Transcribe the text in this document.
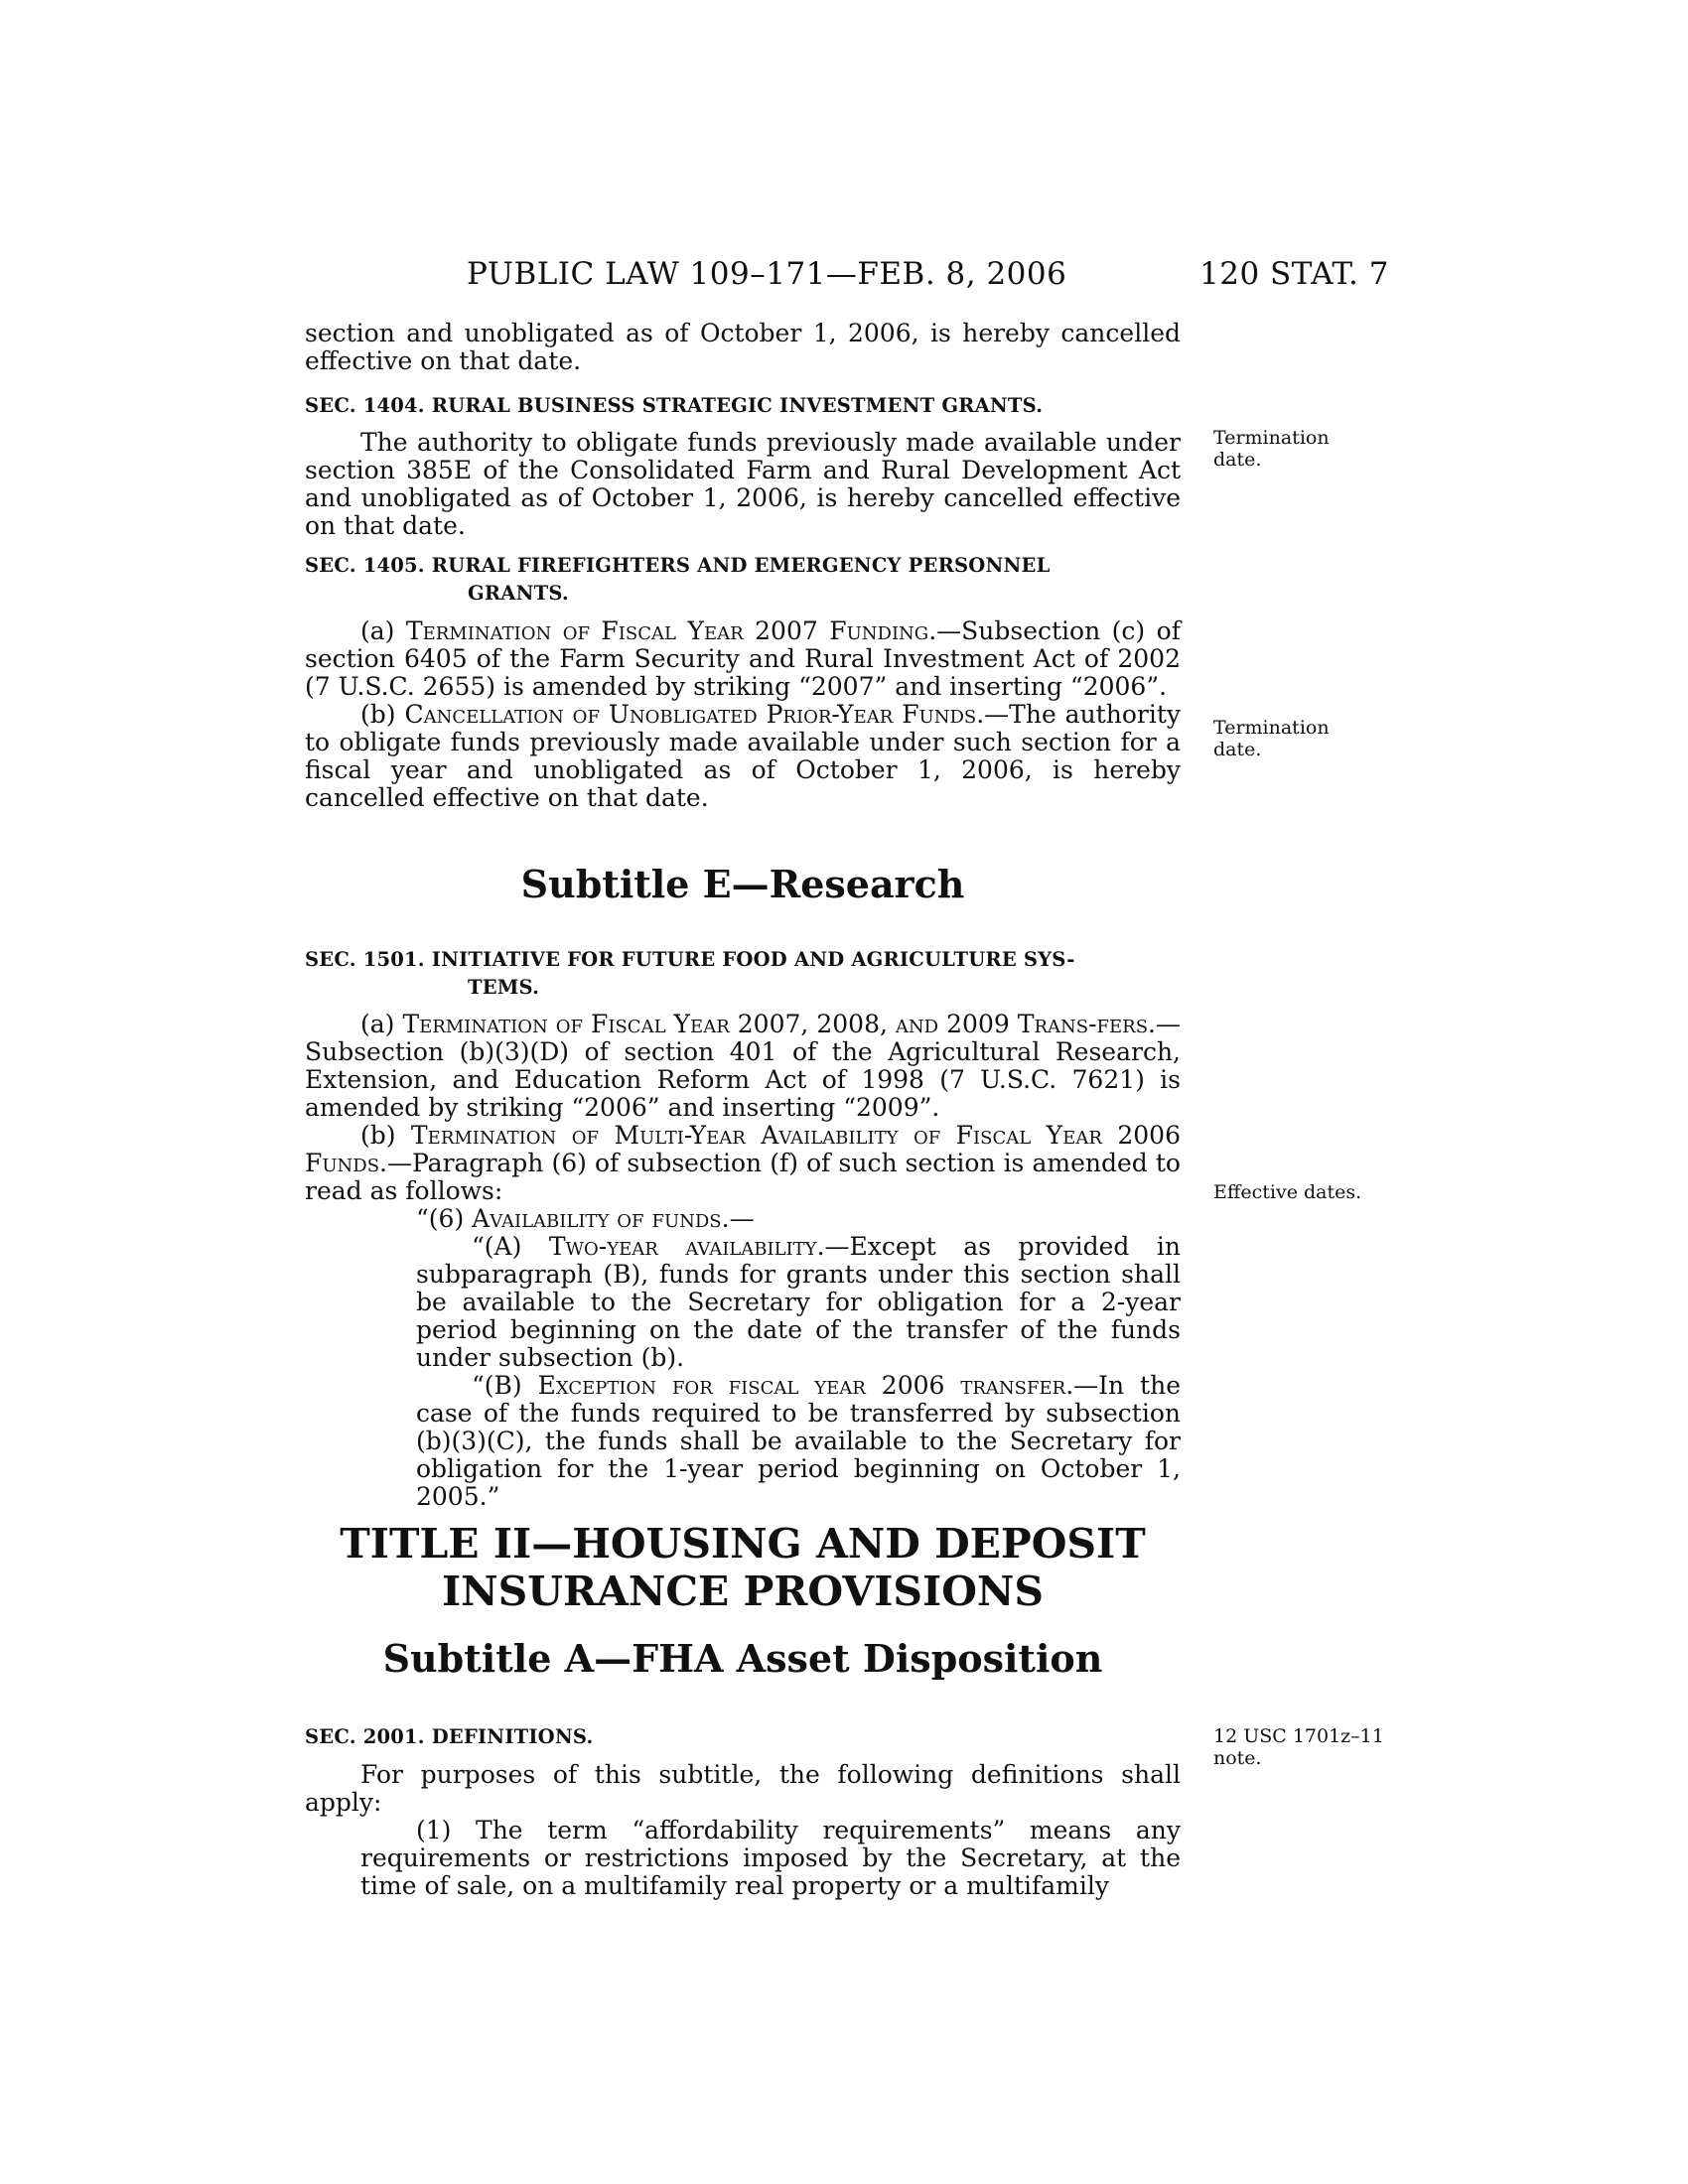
PUBLIC LAW 109–171—FEB. 8, 2006	120 STAT. 7

section and unobligated as of October 1, 2006, is hereby cancelled effective on that date.

SEC. 1404. RURAL BUSINESS STRATEGIC INVESTMENT GRANTS.

The authority to obligate funds previously made available under section 385E of the Consolidated Farm and Rural Development Act and unobligated as of October 1, 2006, is hereby cancelled effective on that date.

SEC. 1405. RURAL FIREFIGHTERS AND EMERGENCY PERSONNEL
GRANTS.

(a) Termination of Fiscal Year 2007 Funding.—Subsection (c) of section 6405 of the Farm Security and Rural Investment Act of 2002 (7 U.S.C. 2655) is amended by striking “2007” and inserting “2006”.

(b) Cancellation of Unobligated Prior-Year Funds.—The authority to obligate funds previously made available under such section for a fiscal year and unobligated as of October 1, 2006, is hereby cancelled effective on that date.

Subtitle E—Research

SEC. 1501. INITIATIVE FOR FUTURE FOOD AND AGRICULTURE SYS-
TEMS.

(a) Termination of Fiscal Year 2007, 2008, and 2009 Trans-fers.—Subsection (b)(3)(D) of section 401 of the Agricultural Research, Extension, and Education Reform Act of 1998 (7 U.S.C. 7621) is amended by striking “2006” and inserting “2009”.

(b) Termination of Multi-Year Availability of Fiscal Year 2006 Funds.—Paragraph (6) of subsection (f) of such section is amended to read as follows:

“(6) Availability of funds.—

“(A) Two-year availability.—Except as provided in subparagraph (B), funds for grants under this section shall be available to the Secretary for obligation for a 2-year period beginning on the date of the transfer of the funds under subsection (b).

“(B) Exception for fiscal year 2006 transfer.—In the case of the funds required to be transferred by subsection (b)(3)(C), the funds shall be available to the Secretary for obligation for the 1-year period beginning on October 1, 2005.”

TITLE II—HOUSING AND DEPOSIT
INSURANCE PROVISIONS
Subtitle A—FHA Asset Disposition

SEC. 2001. DEFINITIONS.

For purposes of this subtitle, the following definitions shall apply:

(1) The term “affordability requirements” means any requirements or restrictions imposed by the Secretary, at the time of sale, on a multifamily real property or a multifamily

Termination
date.
Termination
date.
Effective dates.
12 USC 1701z–11
note.
